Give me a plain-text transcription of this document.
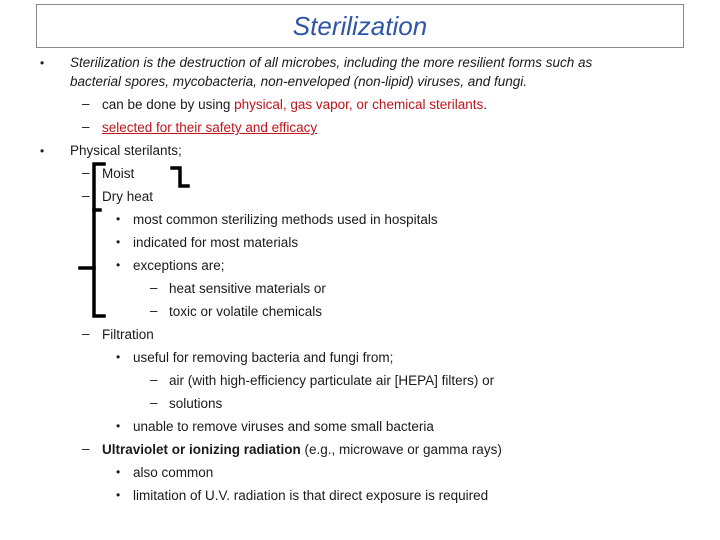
Sterilization
• Sterilization is the destruction of all microbes, including the more resilient forms such as
bacterial spores, mycobacteria, non-enveloped (non-lipid) viruses, and fungi.
– can be done by using physical, gas vapor, or chemical sterilants.
– selected for their safety and efficacy
• Physical sterilants;
– Moist
– Dry heat
• most common sterilizing methods used in hospitals
• indicated for most materials
• exceptions are;
– heat sensitive materials or
– toxic or volatile chemicals
– Filtration
• useful for removing bacteria and fungi from;
– air (with high-efficiency particulate air [HEPA] filters) or
– solutions
• unable to remove viruses and some small bacteria
– Ultraviolet or ionizing radiation (e.g., microwave or gamma rays)
• also common
• limitation of U.V. radiation is that direct exposure is required
